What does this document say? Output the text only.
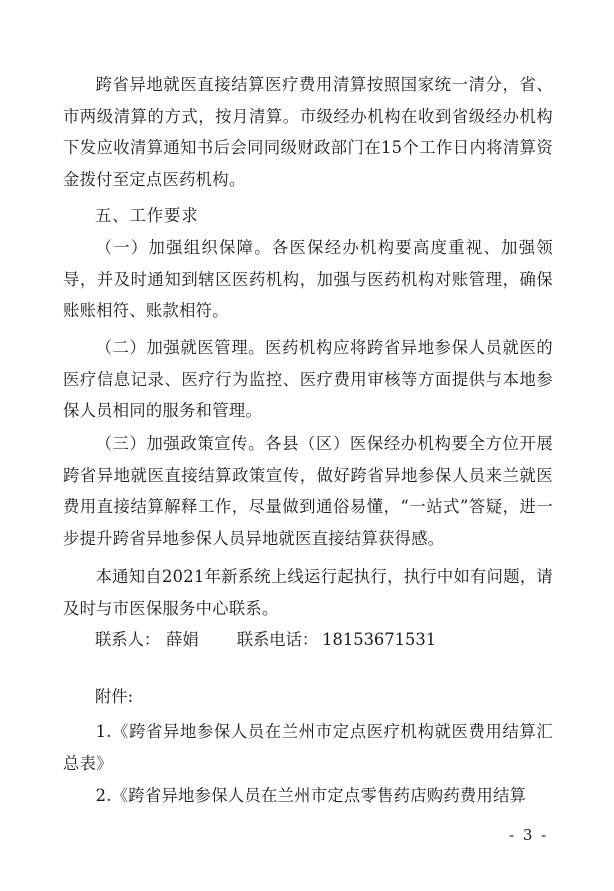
跨省异地就医直接结算医疗费用清算按照国家统一清分，省、市两级清算的方式，按月清算。市级经办机构在收到省级经办机构下发应收清算通知书后会同同级财政部门在15个工作日内将清算资金拨付至定点医药机构。

五、工作要求

（一）加强组织保障。各医保经办机构要高度重视、加强领导，并及时通知到辖区医药机构，加强与医药机构对账管理，确保账账相符、账款相符。

（二）加强就医管理。医药机构应将跨省异地参保人员就医的医疗信息记录、医疗行为监控、医疗费用审核等方面提供与本地参保人员相同的服务和管理。

（三）加强政策宣传。各县（区）医保经办机构要全方位开展跨省异地就医直接结算政策宣传，做好跨省异地参保人员来兰就医费用直接结算解释工作，尽量做到通俗易懂，“一站式”答疑，进一步提升跨省异地参保人员异地就医直接结算获得感。

本通知自2021年新系统上线运行起执行，执行中如有问题，请及时与市医保服务中心联系。

联系人： 薛娟 联系电话： 18153671531

附件:

1.《跨省异地参保人员在兰州市定点医疗机构就医费用结算汇总表》

2.《跨省异地参保人员在兰州市定点零售药店购药费用结算

- 3 -
